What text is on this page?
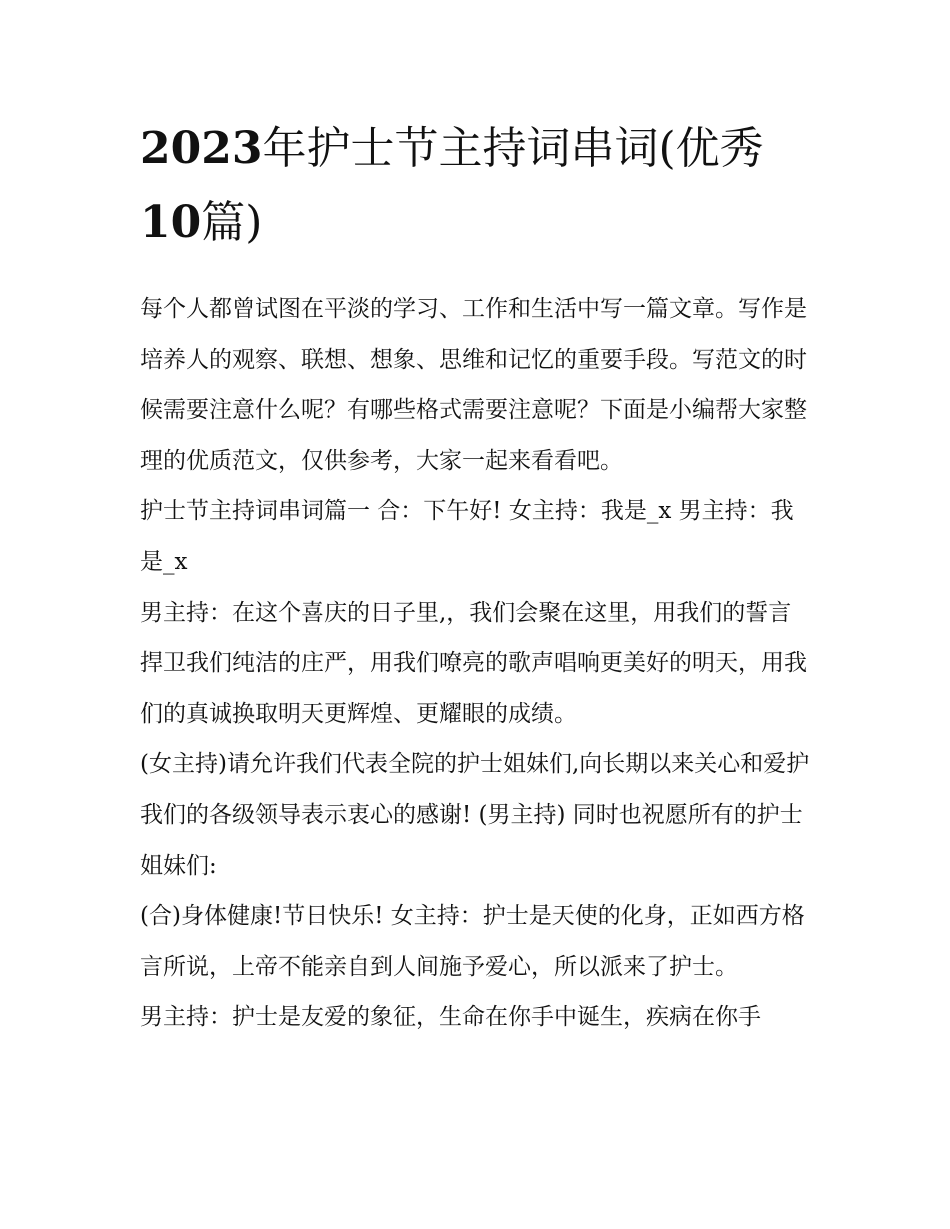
2023年护士节主持词串词(优秀
10篇)

每个人都曾试图在平淡的学习、工作和生活中写一篇文章。写作是培养人的观察、联想、想象、思维和记忆的重要手段。写范文的时候需要注意什么呢？有哪些格式需要注意呢？下面是小编帮大家整理的优质范文，仅供参考，大家一起来看看吧。

护士节主持词串词篇一 合：下午好! 女主持：我是_x 男主持：我是_x

男主持：在这个喜庆的日子里,，我们会聚在这里，用我们的誓言捍卫我们纯洁的庄严，用我们嘹亮的歌声唱响更美好的明天，用我们的真诚换取明天更辉煌、更耀眼的成绩。

(女主持)请允许我们代表全院的护士姐妹们,向长期以来关心和爱护我们的各级领导表示衷心的感谢! (男主持) 同时也祝愿所有的护士姐妹们:

(合)身体健康!节日快乐! 女主持：护士是天使的化身，正如西方格言所说，上帝不能亲自到人间施予爱心，所以派来了护士。

男主持：护士是友爱的象征，生命在你手中诞生，疾病在你手
